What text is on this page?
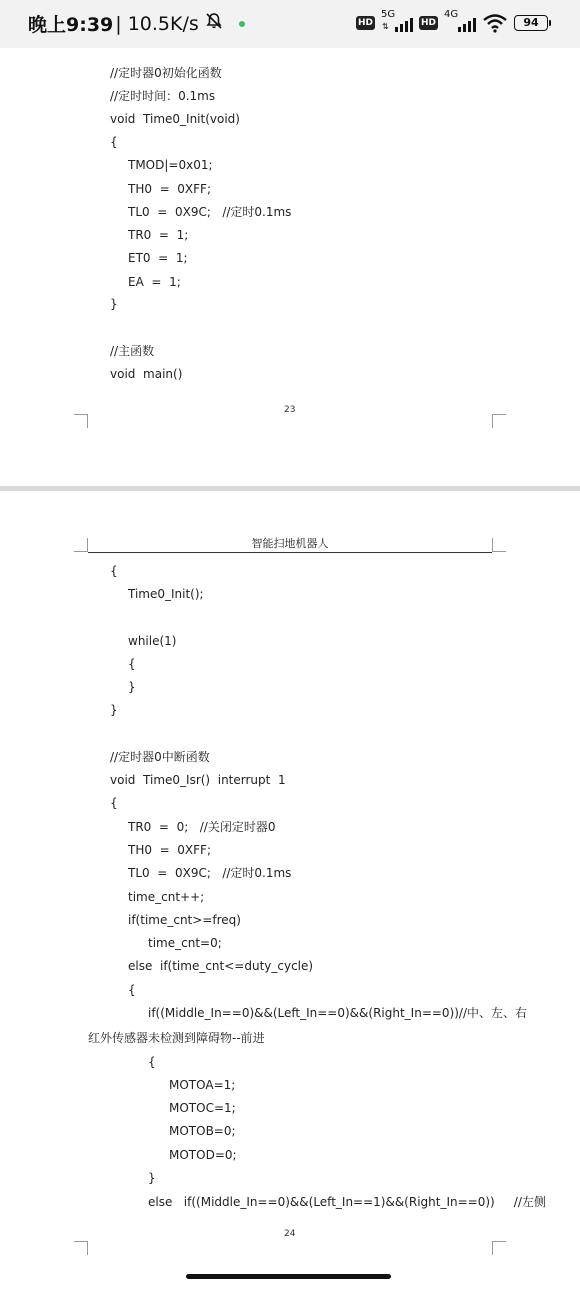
晚上9:39 | 10.5K/s	HD
5G
⇅	HD
4G
94
//定时器0初始化函数
//定时时间：0.1ms
void  Time0_Init(void)
{
TMOD|=0x01;
TH0  =  0XFF;
TL0  =  0X9C;   //定时0.1ms
TR0  =  1;
ET0  =  1;
EA  =  1;
}
//主函数
void  main()
23
智能扫地机器人
{
Time0_Init();
while(1)
{
}
}
//定时器0中断函数
void  Time0_Isr()  interrupt  1
{
TR0  =  0;   //关闭定时器0
TH0  =  0XFF;
TL0  =  0X9C;   //定时0.1ms
time_cnt++;
if(time_cnt>=freq)
time_cnt=0;
else  if(time_cnt<=duty_cycle)
{
if((Middle_In==0)&&(Left_In==0)&&(Right_In==0))//中、左、右
红外传感器未检测到障碍物--前进
{
MOTOA=1;
MOTOC=1;
MOTOB=0;
MOTOD=0;
}
else   if((Middle_In==0)&&(Left_In==1)&&(Right_In==0))     //左侧
24
